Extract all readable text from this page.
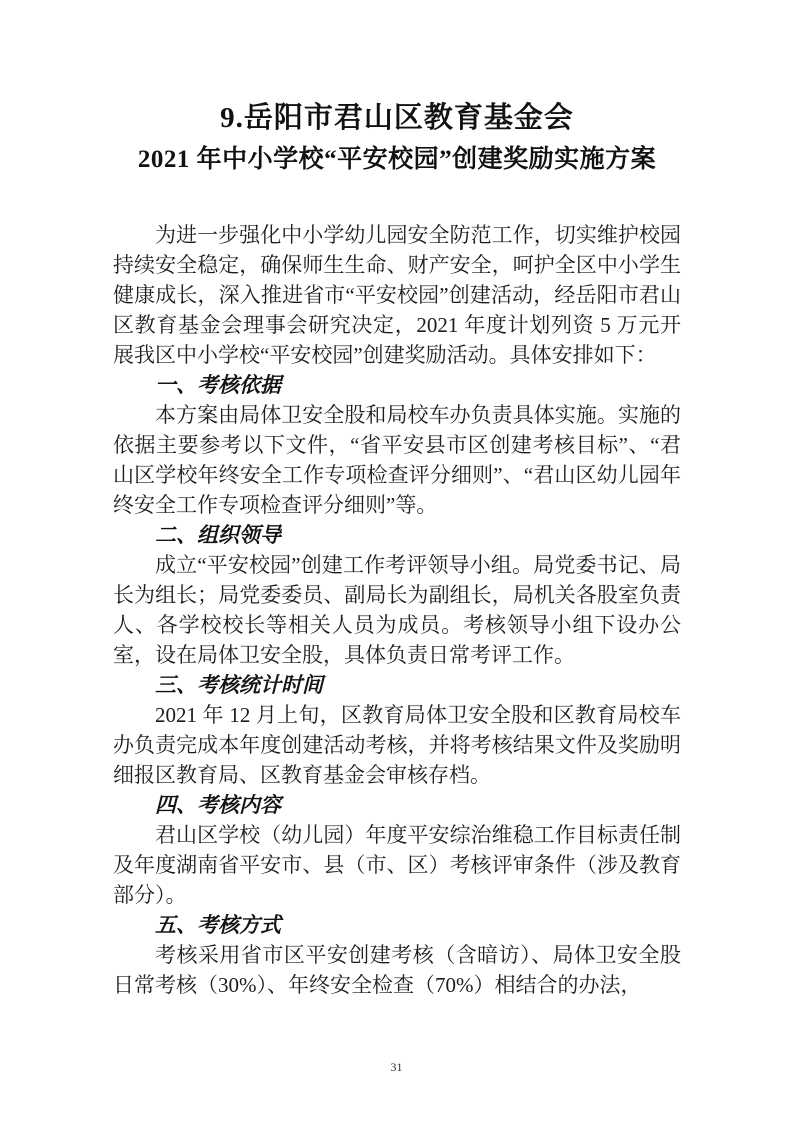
9.岳阳市君山区教育基金会
2021 年中小学校“平安校园”创建奖励实施方案

为进一步强化中小学幼儿园安全防范工作，切实维护校园持续安全稳定，确保师生生命、财产安全，呵护全区中小学生健康成长，深入推进省市“平安校园”创建活动，经岳阳市君山区教育基金会理事会研究决定，2021 年度计划列资 5 万元开展我区中小学校“平安校园”创建奖励活动。具体安排如下：

一、考核依据

本方案由局体卫安全股和局校车办负责具体实施。实施的依据主要参考以下文件，“省平安县市区创建考核目标”、“君山区学校年终安全工作专项检查评分细则”、“君山区幼儿园年终安全工作专项检查评分细则”等。

二、组织领导

成立“平安校园”创建工作考评领导小组。局党委书记、局长为组长；局党委委员、副局长为副组长，局机关各股室负责人、各学校校长等相关人员为成员。考核领导小组下设办公室，设在局体卫安全股，具体负责日常考评工作。

三、考核统计时间

2021 年 12 月上旬，区教育局体卫安全股和区教育局校车办负责完成本年度创建活动考核，并将考核结果文件及奖励明细报区教育局、区教育基金会审核存档。

四、考核内容

君山区学校（幼儿园）年度平安综治维稳工作目标责任制及年度湖南省平安市、县（市、区）考核评审条件（涉及教育部分）。

五、考核方式

考核采用省市区平安创建考核（含暗访）、局体卫安全股日常考核（30%）、年终安全检查（70%）相结合的办法，

31
